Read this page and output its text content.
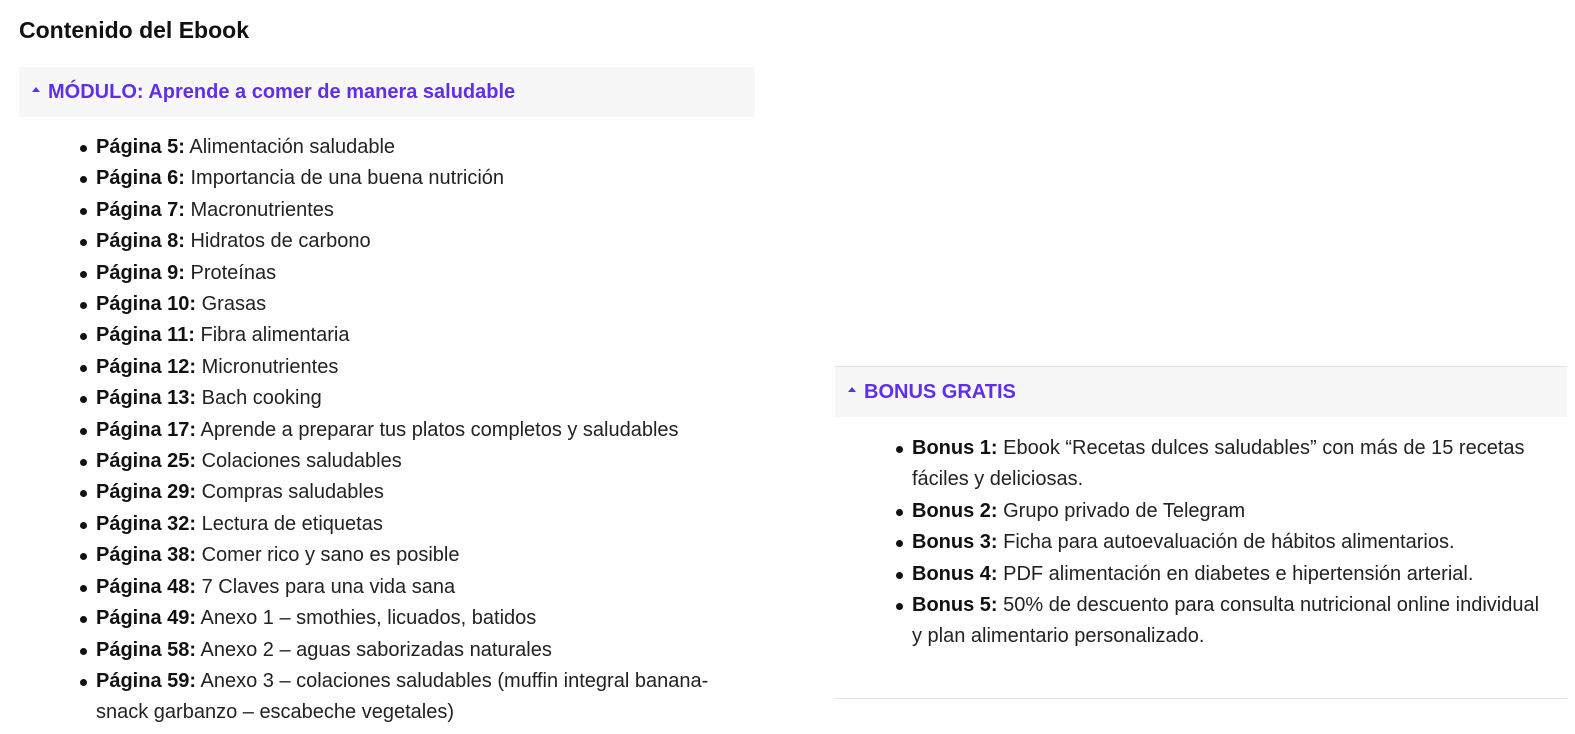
Contenido del Ebook
MÓDULO: Aprende a comer de manera saludable
Página 5: Alimentación saludable
Página 6: Importancia de una buena nutrición
Página 7: Macronutrientes
Página 8: Hidratos de carbono
Página 9: Proteínas
Página 10: Grasas
Página 11: Fibra alimentaria
Página 12: Micronutrientes
Página 13: Bach cooking
Página 17: Aprende a preparar tus platos completos y saludables
Página 25: Colaciones saludables
Página 29: Compras saludables
Página 32: Lectura de etiquetas
Página 38: Comer rico y sano es posible
Página 48: 7 Claves para una vida sana
Página 49: Anexo 1 – smothies, licuados, batidos
Página 58: Anexo 2 – aguas saborizadas naturales
Página 59: Anexo 3 – colaciones saludables (muffin integral banana-snack garbanzo – escabeche vegetales)
BONUS GRATIS
Bonus 1: Ebook “Recetas dulces saludables” con más de 15 recetas fáciles y deliciosas.
Bonus 2: Grupo privado de Telegram
Bonus 3: Ficha para autoevaluación de hábitos alimentarios.
Bonus 4: PDF alimentación en diabetes e hipertensión arterial.
Bonus 5: 50% de descuento para consulta nutricional online individual y plan alimentario personalizado.
